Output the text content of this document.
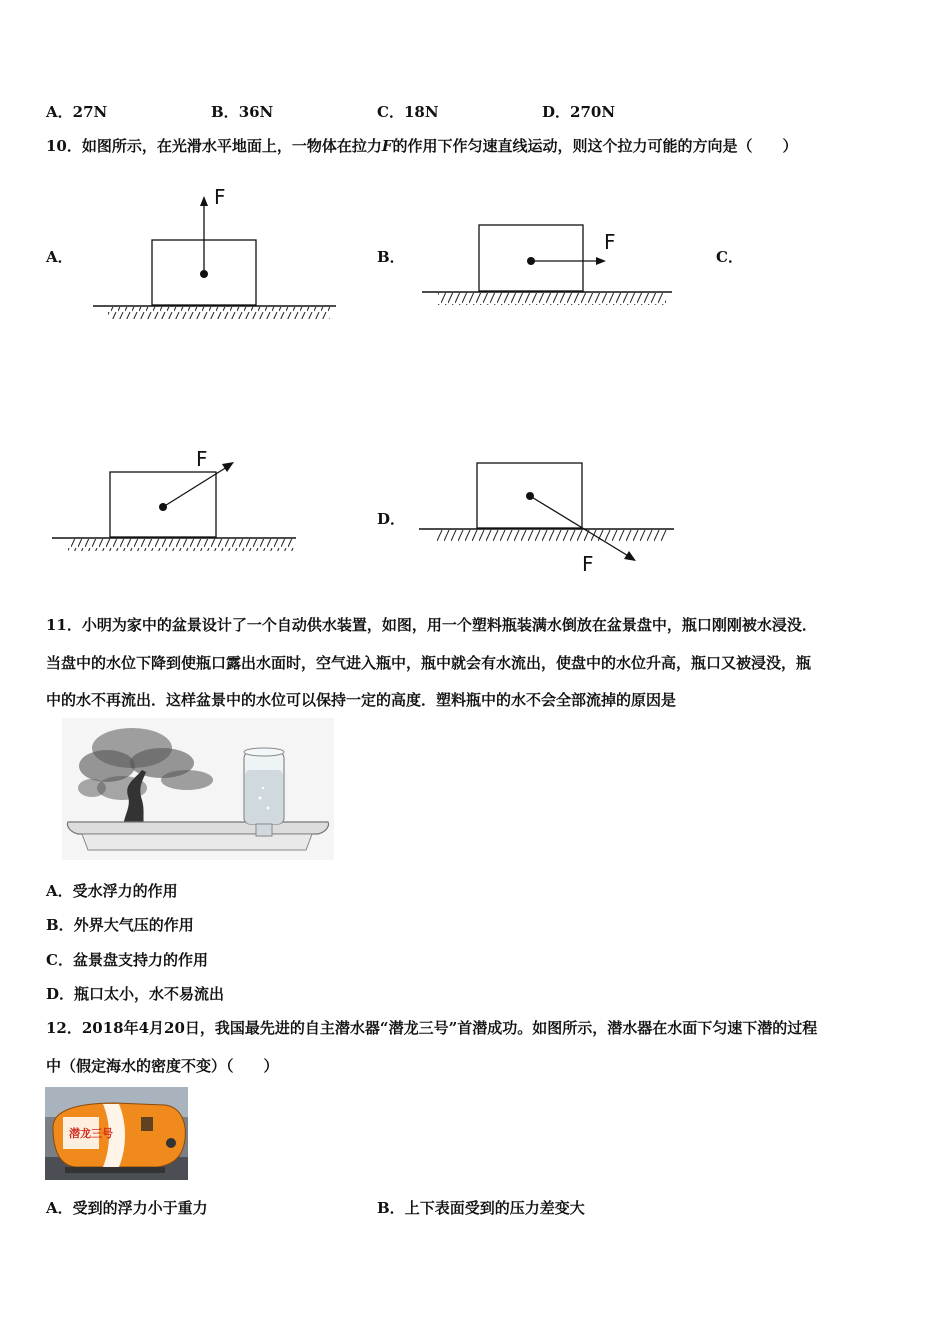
A．27N	B．36N	C．18N	D．270N
10．如图所示，在光滑水平地面上，一物体在拉力F的作用下作匀速直线运动，则这个拉力可能的方向是（　　）
A．	B．	C．
D．
F
F
F
F
11．小明为家中的盆景设计了一个自动供水装置，如图，用一个塑料瓶装满水倒放在盆景盘中，瓶口刚刚被水浸没．
当盘中的水位下降到使瓶口露出水面时，空气进入瓶中，瓶中就会有水流出，使盘中的水位升高，瓶口又被浸没，瓶
中的水不再流出．这样盆景中的水位可以保持一定的高度．塑料瓶中的水不会全部流掉的原因是
A．受水浮力的作用
B．外界大气压的作用
C．盆景盘支持力的作用
D．瓶口太小，水不易流出
12．2018年4月20日，我国最先进的自主潜水器“潜龙三号”首潜成功。如图所示，潜水器在水面下匀速下潜的过程
中（假定海水的密度不变）（　　）
潜龙三号
A．受到的浮力小于重力	B．上下表面受到的压力差变大
